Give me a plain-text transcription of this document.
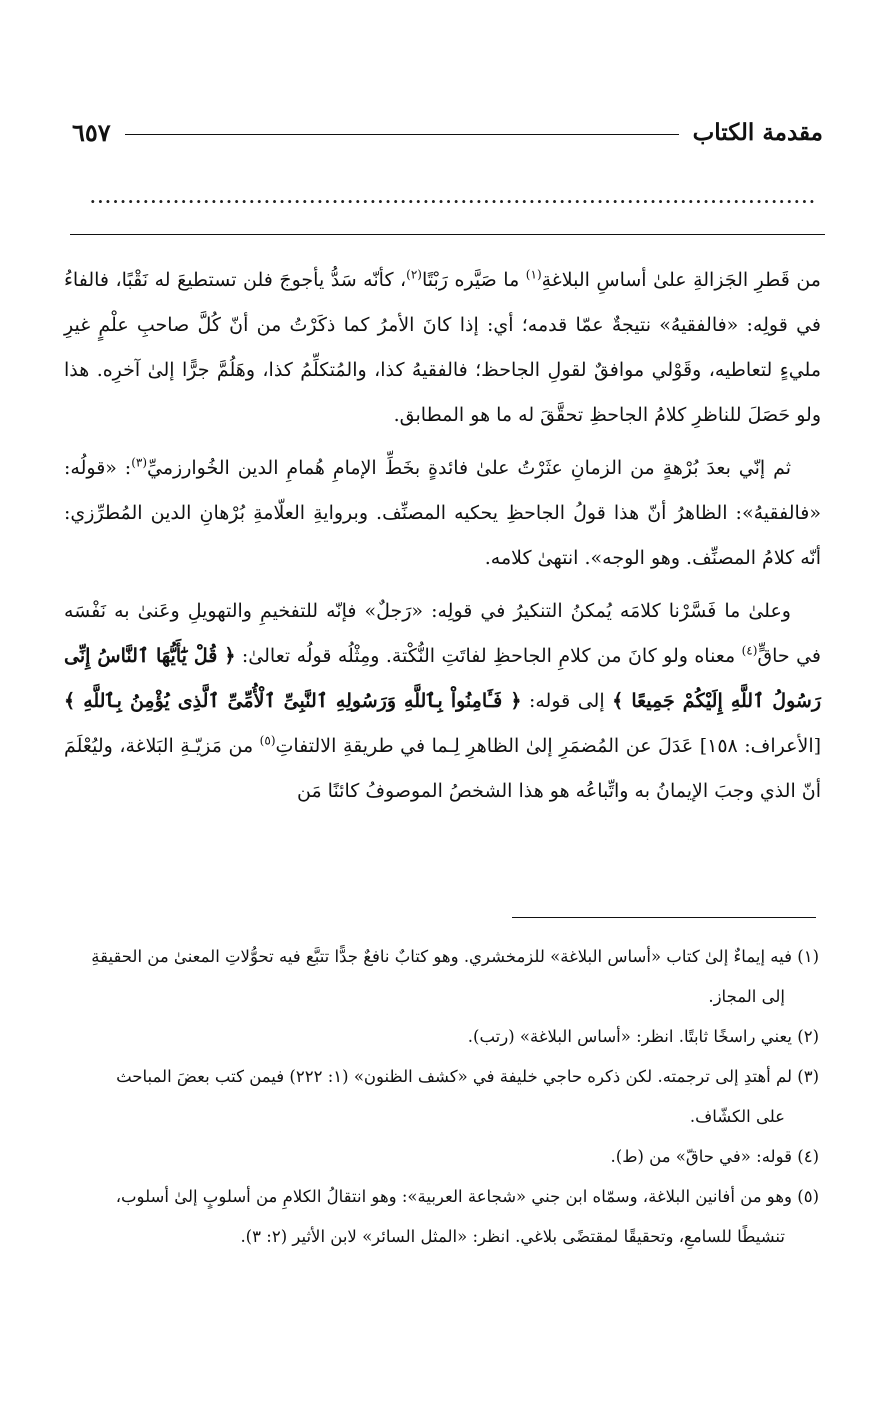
مقدمة الكتاب
٦٥٧
................................................................................................

من قَطرِ الجَزالةِ علىٰ أساسِ البلاغةِ$^{(١)}$ ما صَيَّره رَبْتًا$^{(٢)}$، كأنّه سَدُّ يأجوجَ فلن تستطيعَ له نَقْبًا، فالفاءُ في قولِه: «فالفقيهُ» نتيجةٌ عمّا قدمه؛ أي: إذا كانَ الأمرُ كما ذكَرْتُ من أنّ كُلَّ صاحبِ علْمٍ غيرِ مليءٍ لتعاطيه، وقَوْلي موافقٌ لقولِ الجاحظ؛ فالفقيهُ كذا، والمُتكلِّمُ كذا، وهَلُمَّ جرًّا إلىٰ آخرِه. هذا ولو حَصَلَ للناظرِ كلامُ الجاحظِ تحقَّقَ له ما هو المطابق.

ثم إنّي بعدَ بُرْهةٍ من الزمانِ عثَرْتُ علىٰ فائدةٍ بخَطِّ الإمامِ هُمامِ الدين الخُوارزميِّ$^{(٣)}$: «قولُه: «فالفقيهُ»: الظاهرُ أنّ هذا قولُ الجاحظِ يحكيه المصنِّف. وبروايةِ العلّامةِ بُرْهانِ الدين المُطرِّزي: أنّه كلامُ المصنِّف. وهو الوجه». انتهىٰ كلامه.

وعلىٰ ما فَسَّرْنا كلامَه يُمكنُ التنكيرُ في قولِه: «رَجلٌ» فإنّه للتفخيمِ والتهويلِ وعَنىٰ به نَفْسَه في حاقٍّ$^{(٤)}$ معناه ولو كانَ من كلامِ الجاحظِ لفاتَتِ النُّكْتة. ومِثْلُه قولُه تعالىٰ: ﴿ قُلْ يَٰٓأَيُّهَا ٱلنَّاسُ إِنِّى رَسُولُ ٱللَّهِ إِلَيْكُمْ جَمِيعًا ﴾ إلى قوله: ﴿ فَـَٔامِنُواْ بِٱللَّهِ وَرَسُولِهِ ٱلنَّبِىِّ ٱلْأُمِّىِّ ٱلَّذِى يُؤْمِنُ بِٱللَّهِ ﴾ [الأعراف: ١٥٨] عَدَلَ عن المُضمَرِ إلىٰ الظاهرِ لِـما في طريقةِ الالتفاتِ$^{(٥)}$ من مَزيّـةِ البَلاغة، وليُعْلَمَ أنّ الذي وجبَ الإيمانُ به واتِّباعُه هو هذا الشخصُ الموصوفُ كائنًا مَن

(١) فيه إيماءٌ إلىٰ كتاب «أساس البلاغة» للزمخشري. وهو كتابٌ نافعٌ جدًّا تتبَّع فيه تحوُّلاتِ المعنىٰ من الحقيقةِ
إلى المجاز.

(٢) يعني راسخًا ثابتًا. انظر: «أساس البلاغة» (رتب).

(٣) لم أهتدِ إلى ترجمته. لكن ذكره حاجي خليفة في «كشف الظنون» (١: ٢٢٢) فيمن كتب بعضَ المباحث
على الكشّاف.

(٤) قوله: «في حاقّ» من (ط).

(٥) وهو من أفانين البلاغة، وسمّاه ابن جني «شجاعة العربية»: وهو انتقالُ الكلامِ من أسلوبٍ إلىٰ أسلوب،
تنشيطًا للسامعِ، وتحقيقًا لمقتضًى بلاغي. انظر: «المثل السائر» لابن الأثير (٢: ٣).
